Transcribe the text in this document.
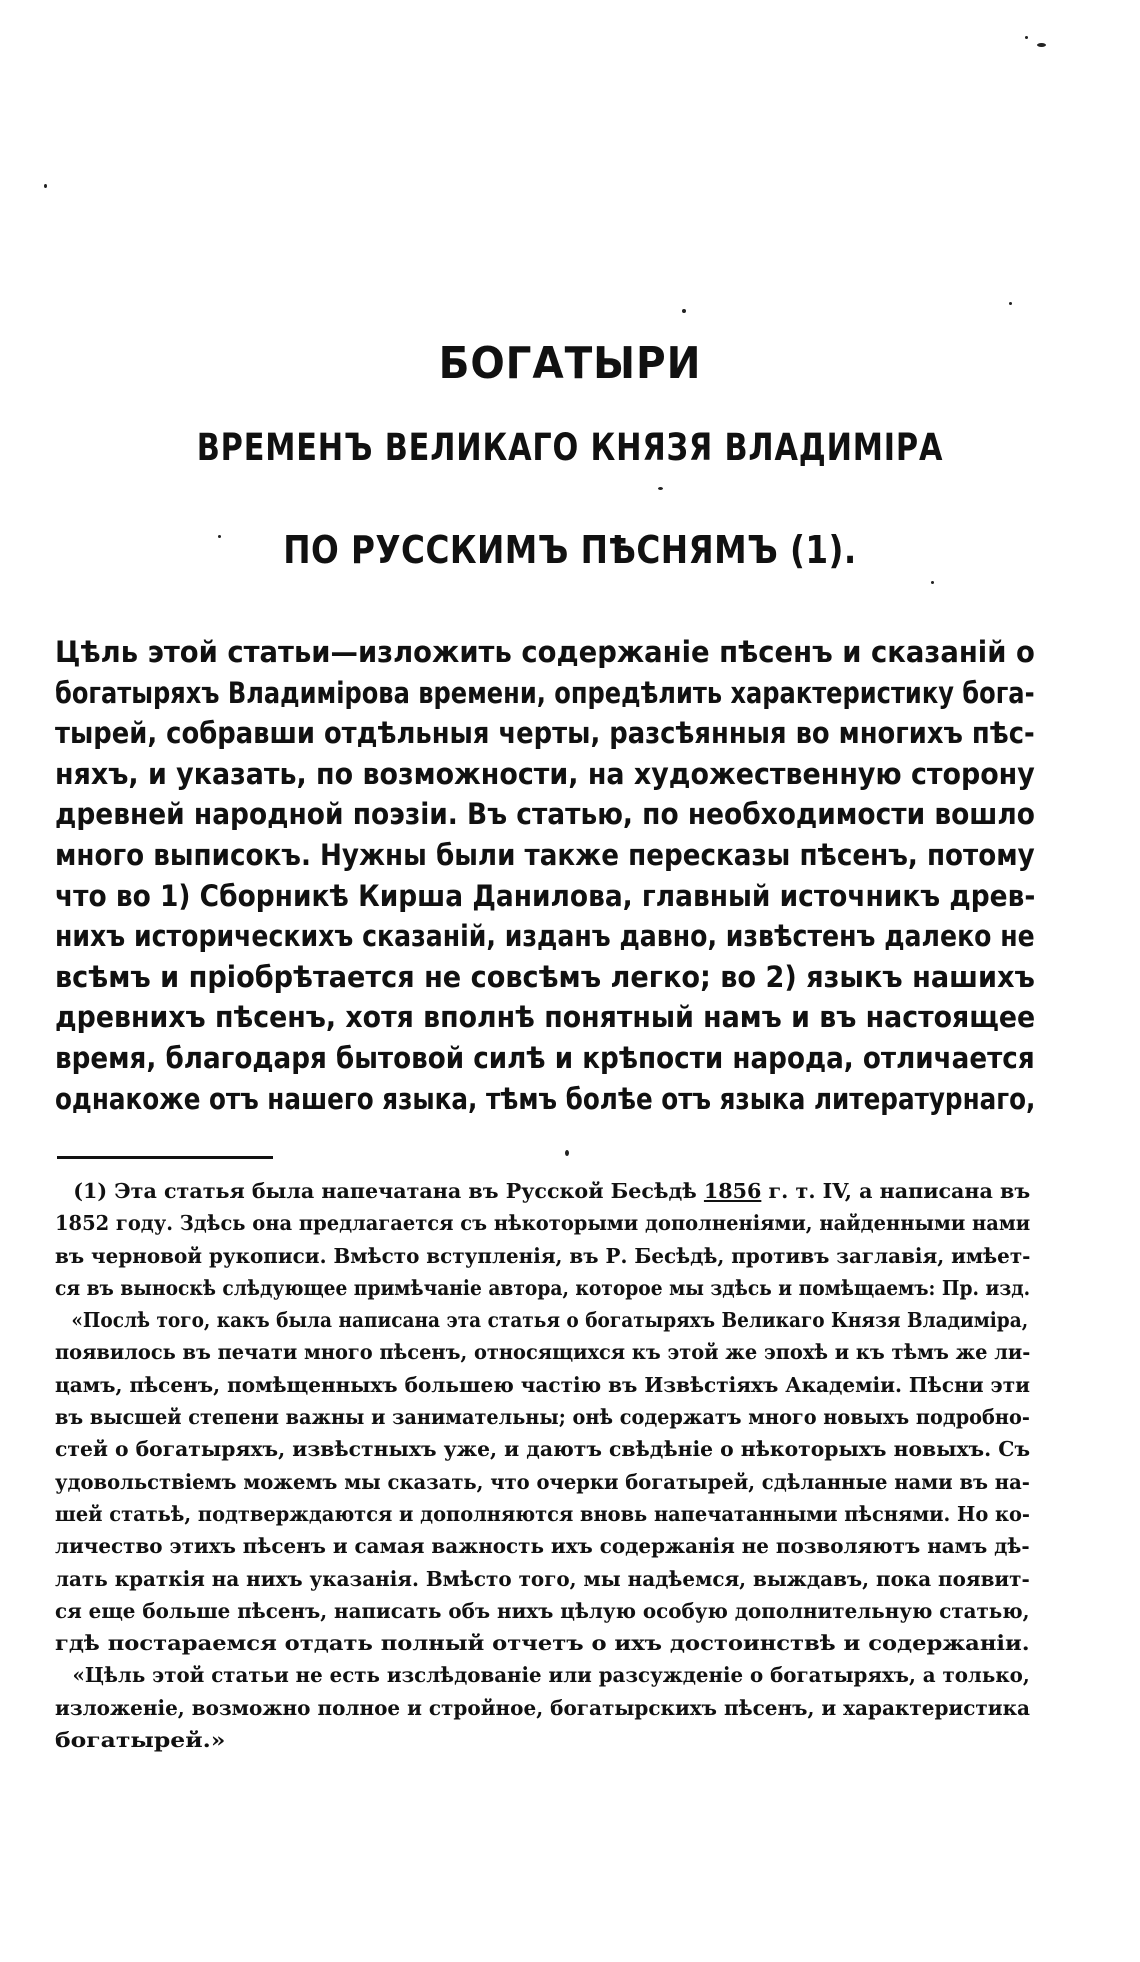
БОГАТЫРИ
ВРЕМЕНЪ ВЕЛИКАГО КНЯЗЯ ВЛАДИМІРА
ПО РУССКИМЪ ПѢСНЯМЪ (1).
Цѣль этой статьи—изложить содержаніе пѣсенъ и сказаній о
богатыряхъ Владимірова времени, опредѣлить характеристику бога-
тырей, собравши отдѣльныя черты, разсѣянныя во многихъ пѣс-
няхъ, и указать, по возможности, на художественную сторону
древней народной поэзіи. Въ статью, по необходимости вошло
много выписокъ. Нужны были также пересказы пѣсенъ, потому
что во 1) Сборникѣ Кирша Данилова, главный источникъ древ-
нихъ историческихъ сказаній, изданъ давно, извѣстенъ далеко не
всѣмъ и пріобрѣтается не совсѣмъ легко; во 2) языкъ нашихъ
древнихъ пѣсенъ, хотя вполнѣ понятный намъ и въ настоящее
время, благодаря бытовой силѣ и крѣпости народа, отличается
однакоже отъ нашего языка, тѣмъ болѣе отъ языка литературнаго,
(1) Эта статья была напечатана въ Русской Бесѣдѣ 1856 г. т. IV, а написана въ
1852 году. Здѣсь она предлагается съ нѣкоторыми дополненіями, найденными нами
въ черновой рукописи. Вмѣсто вступленія, въ Р. Бесѣдѣ, противъ заглавія, имѣет-
ся въ выноскѣ слѣдующее примѣчаніе автора, которое мы здѣсь и помѣщаемъ: Пр. изд.
«Послѣ того, какъ была написана эта статья о богатыряхъ Великаго Князя Владиміра,
появилось въ печати много пѣсенъ, относящихся къ этой же эпохѣ и къ тѣмъ же ли-
цамъ, пѣсенъ, помѣщенныхъ большею частію въ Извѣстіяхъ Академіи. Пѣсни эти
въ высшей степени важны и занимательны; онѣ содержатъ много новыхъ подробно-
стей о богатыряхъ, извѣстныхъ уже, и даютъ свѣдѣніе о нѣкоторыхъ новыхъ. Съ
удовольствіемъ можемъ мы сказать, что очерки богатырей, сдѣланные нами въ на-
шей статьѣ, подтверждаются и дополняются вновь напечатанными пѣснями. Но ко-
личество этихъ пѣсенъ и самая важность ихъ содержанія не позволяютъ намъ дѣ-
лать краткія на нихъ указанія. Вмѣсто того, мы надѣемся, выждавъ, пока появит-
ся еще больше пѣсенъ, написать объ нихъ цѣлую особую дополнительную статью,
гдѣ постараемся отдать полный отчетъ о ихъ достоинствѣ и содержаніи.
«Цѣль этой статьи не есть изслѣдованіе или разсужденіе о богатыряхъ, а только,
изложеніе, возможно полное и стройное, богатырскихъ пѣсенъ, и характеристика
богатырей.»
